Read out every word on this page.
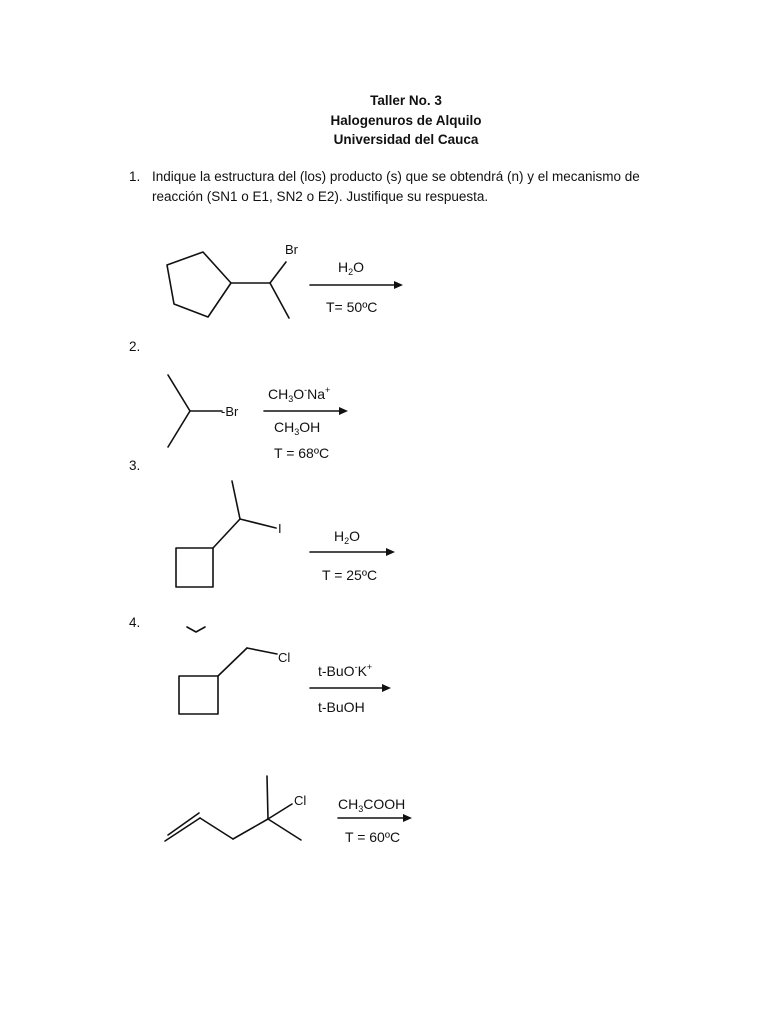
Taller No. 3
Halogenuros de Alquilo
Universidad del Cauca
1. Indique la estructura del (los) producto (s) que se obtendrá (n) y el mecanismo de reacción (SN1 o E1, SN2 o E2). Justifique su respuesta.
2.
3.
4.
Br
-Br
I
Cl
Cl
$H_2O$
T= 50ºC
$CH_3O^-Na^+$
$CH_3OH$
T = 68ºC
$H_2O$
T = 25ºC
t-BuO-K+
t-BuOH
$CH_3COOH$
T = 60ºC
